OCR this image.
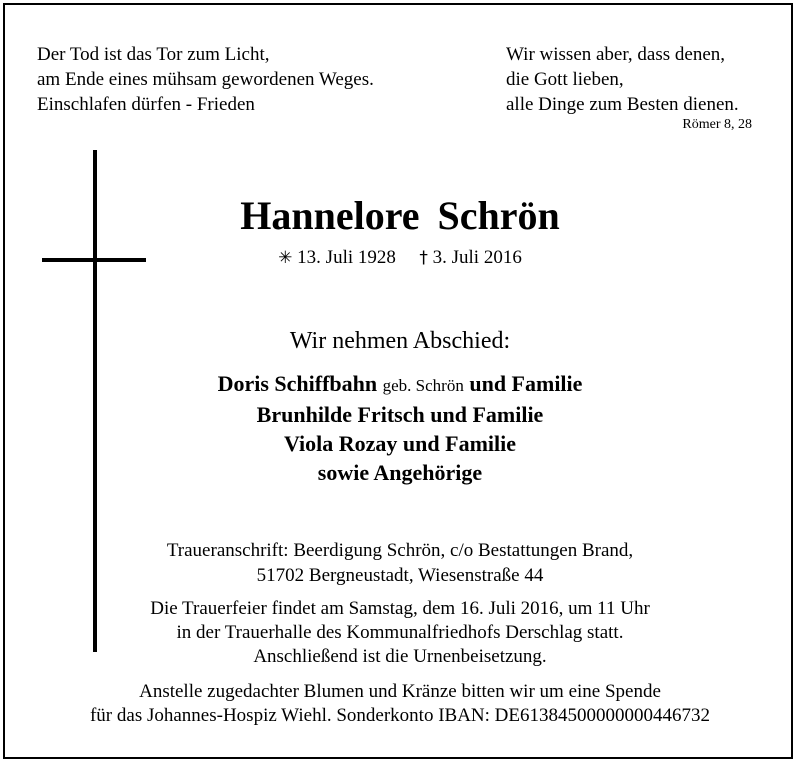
Der Tod ist das Tor zum Licht,
am Ende eines mühsam gewordenen Weges.
Einschlafen dürfen - Frieden
Wir wissen aber, dass denen,
die Gott lieben,
alle Dinge zum Besten dienen.
Römer 8, 28
Hannelore Schrön
✳ 13. Juli 1928 † 3. Juli 2016
Wir nehmen Abschied:
Doris Schiffbahn geb. Schrön und Familie
Brunhilde Fritsch und Familie
Viola Rozay und Familie
sowie Angehörige
Traueranschrift: Beerdigung Schrön, c/o Bestattungen Brand,
51702 Bergneustadt, Wiesenstraße 44
Die Trauerfeier findet am Samstag, dem 16. Juli 2016, um 11 Uhr
in der Trauerhalle des Kommunalfriedhofs Derschlag statt.
Anschließend ist die Urnenbeisetzung.
Anstelle zugedachter Blumen und Kränze bitten wir um eine Spende
für das Johannes-Hospiz Wiehl. Sonderkonto IBAN: DE61384500000000446732
